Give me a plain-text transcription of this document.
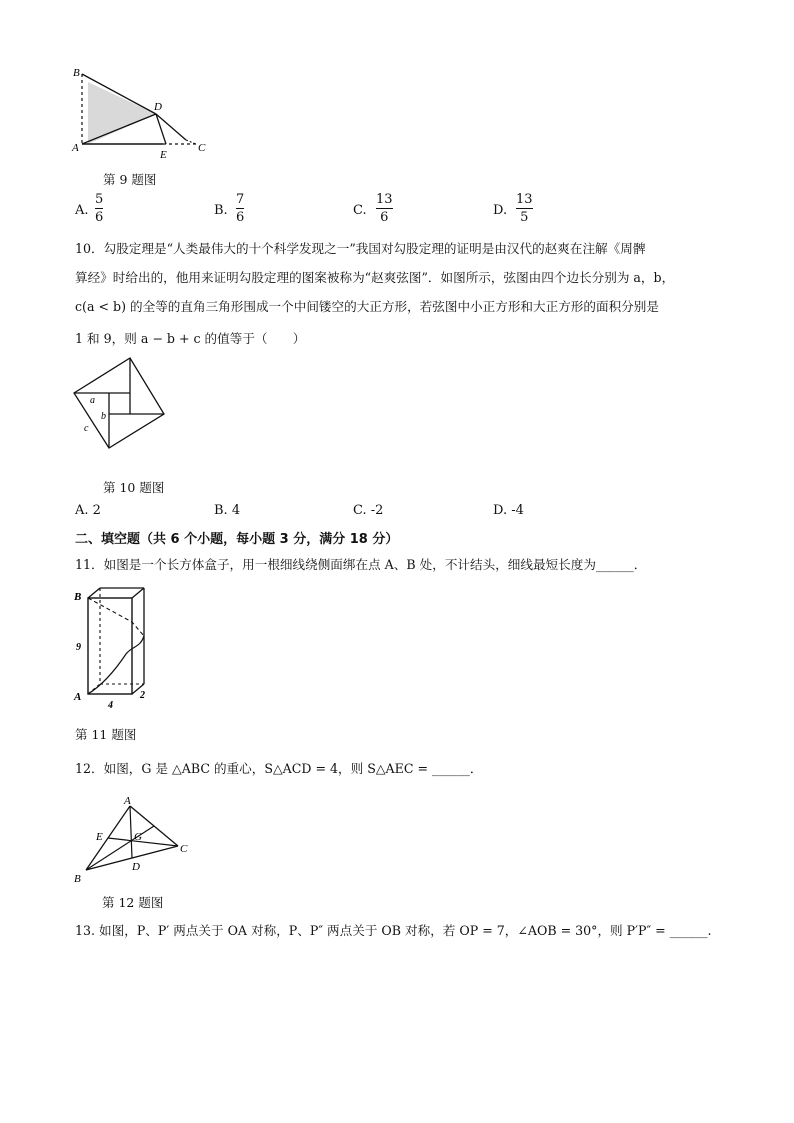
B
D
A
E
C
第 9 题图
A.
5
6	B.
7
6	C.
13
6	D.
13
5
10．勾股定理是“人类最伟大的十个科学发现之一”我国对勾股定理的证明是由汉代的赵爽在注解《周髀
算经》时给出的，他用来证明勾股定理的图案被称为“赵爽弦图”．如图所示，弦图由四个边长分别为 a，b，
c(a < b) 的全等的直角三角形围成一个中间镂空的大正方形，若弦图中小正方形和大正方形的面积分别是
1 和 9，则 a − b + c 的值等于（　　）
a
b
c
第 10 题图
A. 2	B. 4	C. -2	D. -4
二、填空题（共 6 个小题，每小题 3 分，满分 18 分）
11．如图是一个长方体盒子，用一根细线绕侧面绑在点 A、B 处，不计结头，细线最短长度为______．
B
9
A
4
2
第 11 题图
12．如图，G 是 △ABC 的重心，S△ACD = 4，则 S△AEC = ______．
A
E	G
C
D
B
第 12 题图
13. 如图，P、P′ 两点关于 OA 对称，P、P″ 两点关于 OB 对称，若 OP = 7，∠AOB = 30°，则 P′P″ = ______.
